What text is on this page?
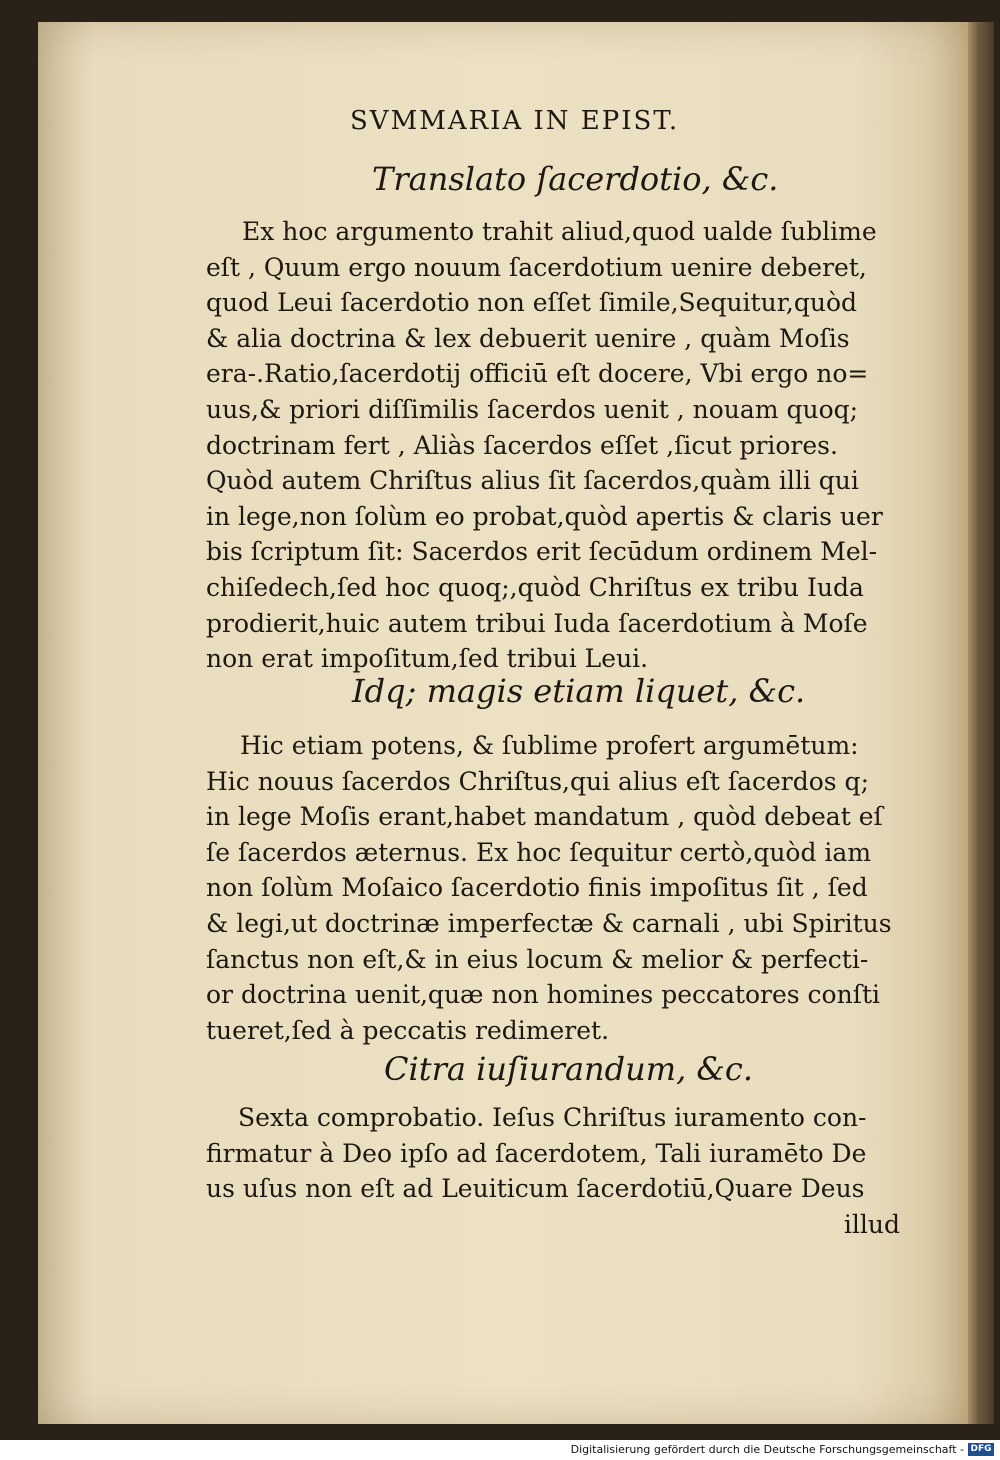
SVMMARIA IN EPIST.
Translato ſacerdotio, &c.
Ex hoc argumento trahit aliud,quod ualde ſublime
eſt , Quum ergo nouum ſacerdotium uenire deberet,
quod Leui ſacerdotio non eſſet ſimile,Sequitur,quòd
& alia doctrina & lex debuerit uenire , quàm Moſis
era-.Ratio,ſacerdotij officiū eſt docere, Vbi ergo no=
uus,& priori diſſimilis ſacerdos uenit , nouam quoq;
doctrinam fert , Aliàs ſacerdos eſſet ,ſicut priores.
Quòd autem Chriſtus alius ſit ſacerdos,quàm illi qui
in lege,non ſolùm eo probat,quòd apertis & claris uer
bis ſcriptum ſit: Sacerdos erit ſecūdum ordinem Mel-
chiſedech,ſed hoc quoq;,quòd Chriſtus ex tribu Iuda
prodierit,huic autem tribui Iuda ſacerdotium à Moſe
non erat impoſitum,ſed tribui Leui.
Idq; magis etiam liquet, &c.
Hic etiam potens, & ſublime profert argumētum:
Hic nouus ſacerdos Chriſtus,qui alius eſt ſacerdos q;
in lege Moſis erant,habet mandatum , quòd debeat eſ
ſe ſacerdos æternus. Ex hoc ſequitur certò,quòd iam
non ſolùm Moſaico ſacerdotio finis impoſitus ſit , ſed
& legi,ut doctrinæ imperfectæ & carnali , ubi Spiritus
ſanctus non eſt,& in eius locum & melior & perfecti-
or doctrina uenit,quæ non homines peccatores conſti
tueret,ſed à peccatis redimeret.
Citra iuſiurandum, &c.
Sexta comprobatio. Ieſus Chriſtus iuramento con-
firmatur à Deo ipſo ad ſacerdotem, Tali iuramēto De
us uſus non eſt ad Leuiticum ſacerdotiū,Quare Deus
illud
Digitalisierung gefördert durch die Deutsche Forschungsgemeinschaft - DFG
